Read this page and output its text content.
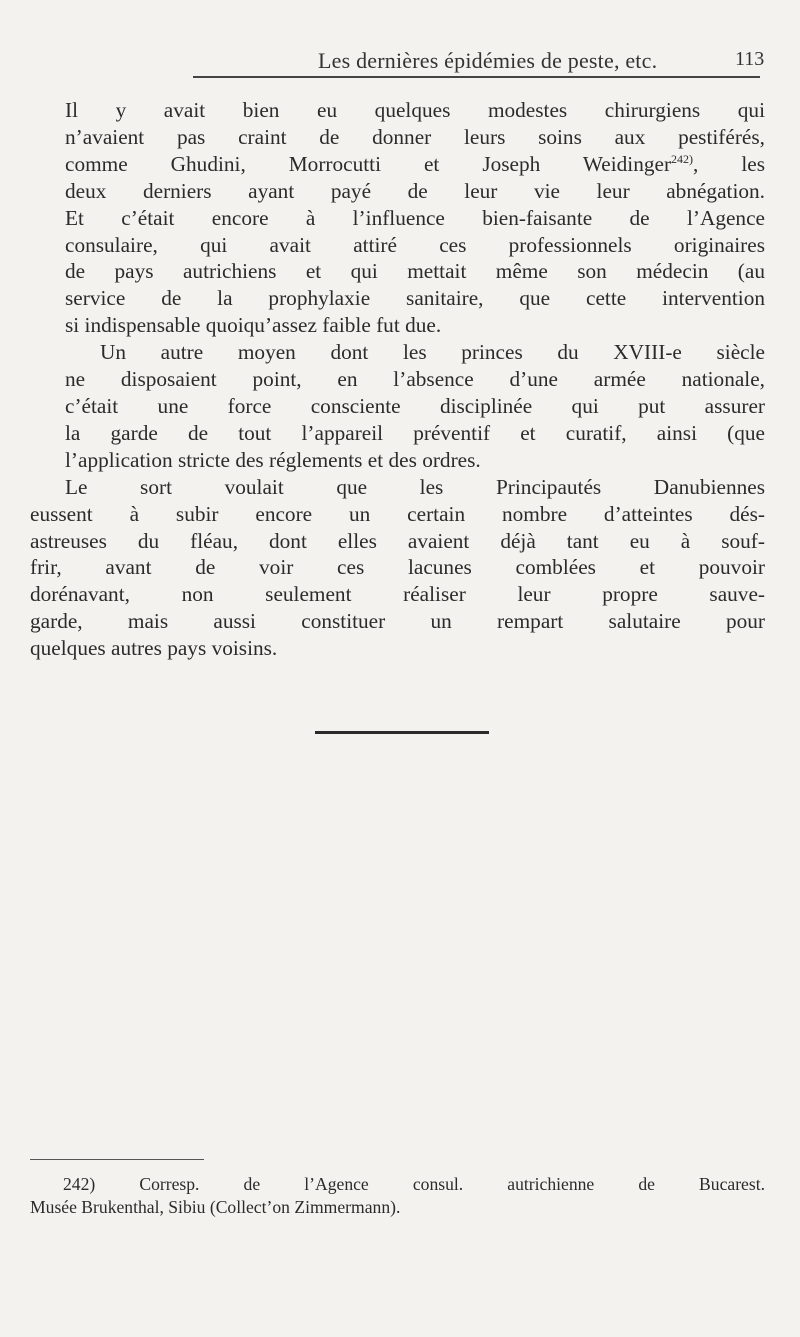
Les dernières épidémies de peste, etc.	113

Il y avait bien eu quelques modestes chirurgiens qui
n’avaient pas craint de donner leurs soins aux pestiférés,
comme Ghudini, Morrocutti et Joseph Weidinger$^{242)}$, les
deux derniers ayant payé de leur vie leur abnégation.
Et c’était encore à l’influence bien-faisante de l’Agence
consulaire, qui avait attiré ces professionnels originaires
de pays autrichiens et qui mettait même son médecin (au
service de la prophylaxie sanitaire, que cette intervention
si indispensable quoiqu’assez faible fut due.
Un autre moyen dont les princes du XVIII-e siècle
ne disposaient point, en l’absence d’une armée nationale,
c’était une force consciente disciplinée qui put assurer
la garde de tout l’appareil préventif et curatif, ainsi (que
l’application stricte des réglements et des ordres.

Le sort voulait que les Principautés Danubiennes
eussent à subir encore un certain nombre d’atteintes dés-
astreuses du fléau, dont elles avaient déjà tant eu à souf-
frir, avant de voir ces lacunes comblées et pouvoir
dorénavant, non seulement réaliser leur propre sauve-
garde, mais aussi constituer un rempart salutaire pour
quelques autres pays voisins.

242) Corresp. de l’Agence consul. autrichienne de Bucarest.
Musée Brukenthal, Sibiu (Collect’on Zimmermann).
